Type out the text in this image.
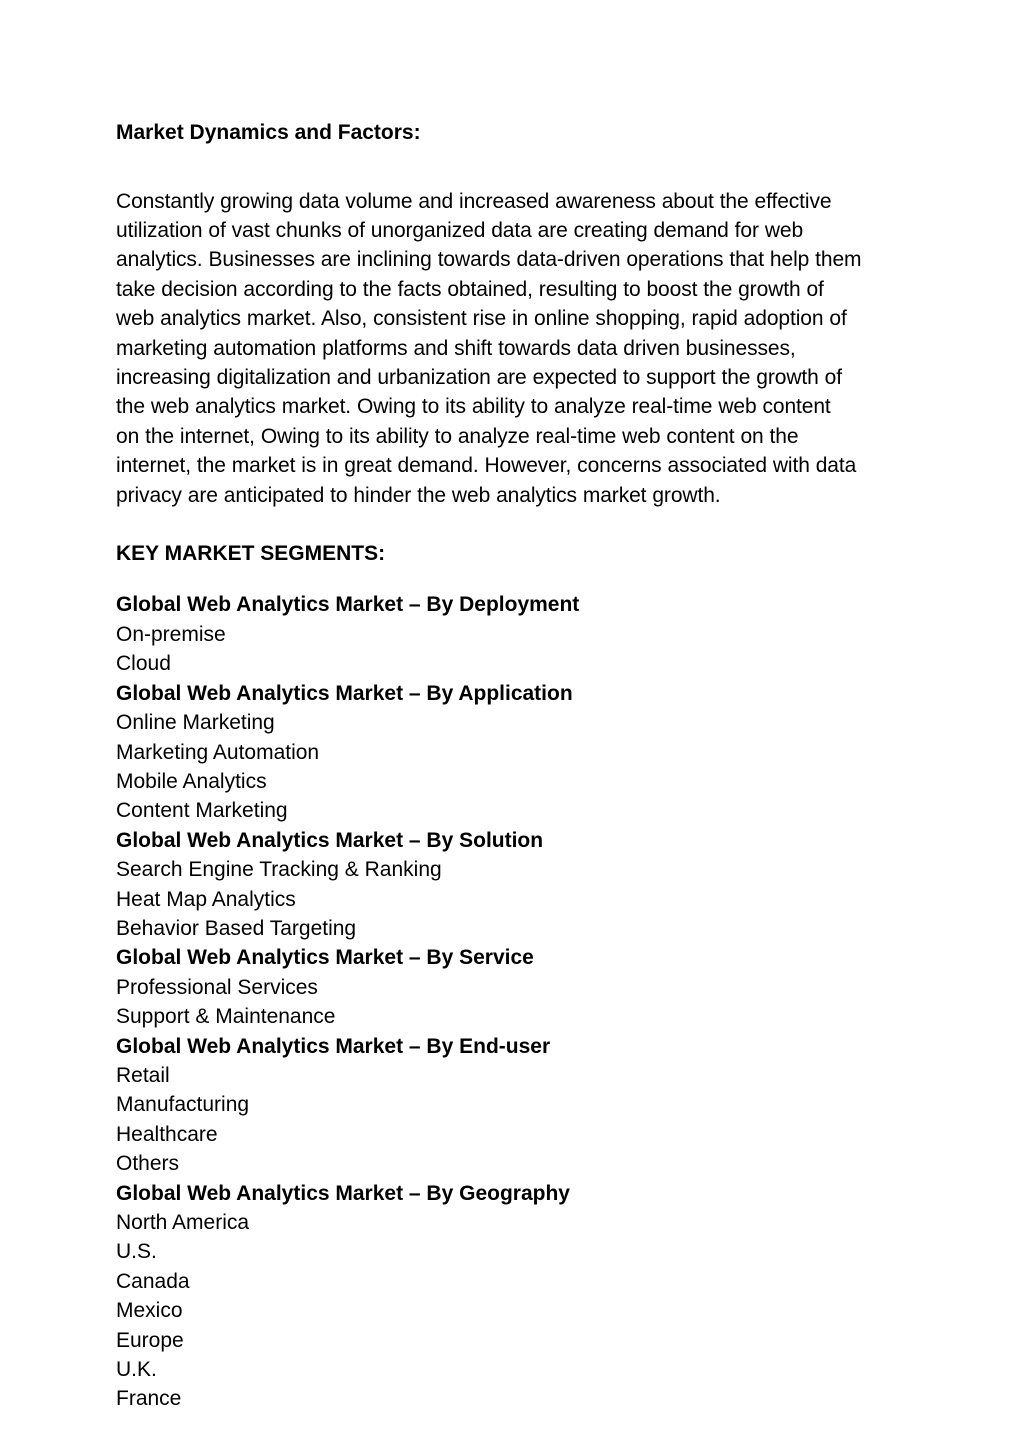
Market Dynamics and Factors:

Constantly growing data volume and increased awareness about the effective

utilization of vast chunks of unorganized data are creating demand for web

analytics. Businesses are inclining towards data-driven operations that help them

take decision according to the facts obtained, resulting to boost the growth of

web analytics market. Also, consistent rise in online shopping, rapid adoption of

marketing automation platforms and shift towards data driven businesses,

increasing digitalization and urbanization are expected to support the growth of

the web analytics market. Owing to its ability to analyze real-time web content

on the internet, Owing to its ability to analyze real-time web content on the

internet, the market is in great demand. However, concerns associated with data

privacy are anticipated to hinder the web analytics market growth.

KEY MARKET SEGMENTS:

Global Web Analytics Market – By Deployment
On-premise
Cloud
Global Web Analytics Market – By Application
Online Marketing
Marketing Automation
Mobile Analytics
Content Marketing
Global Web Analytics Market – By Solution
Search Engine Tracking & Ranking
Heat Map Analytics
Behavior Based Targeting
Global Web Analytics Market – By Service
Professional Services
Support & Maintenance
Global Web Analytics Market – By End-user
Retail
Manufacturing
Healthcare
Others
Global Web Analytics Market – By Geography
North America
U.S.
Canada
Mexico
Europe
U.K.
France
